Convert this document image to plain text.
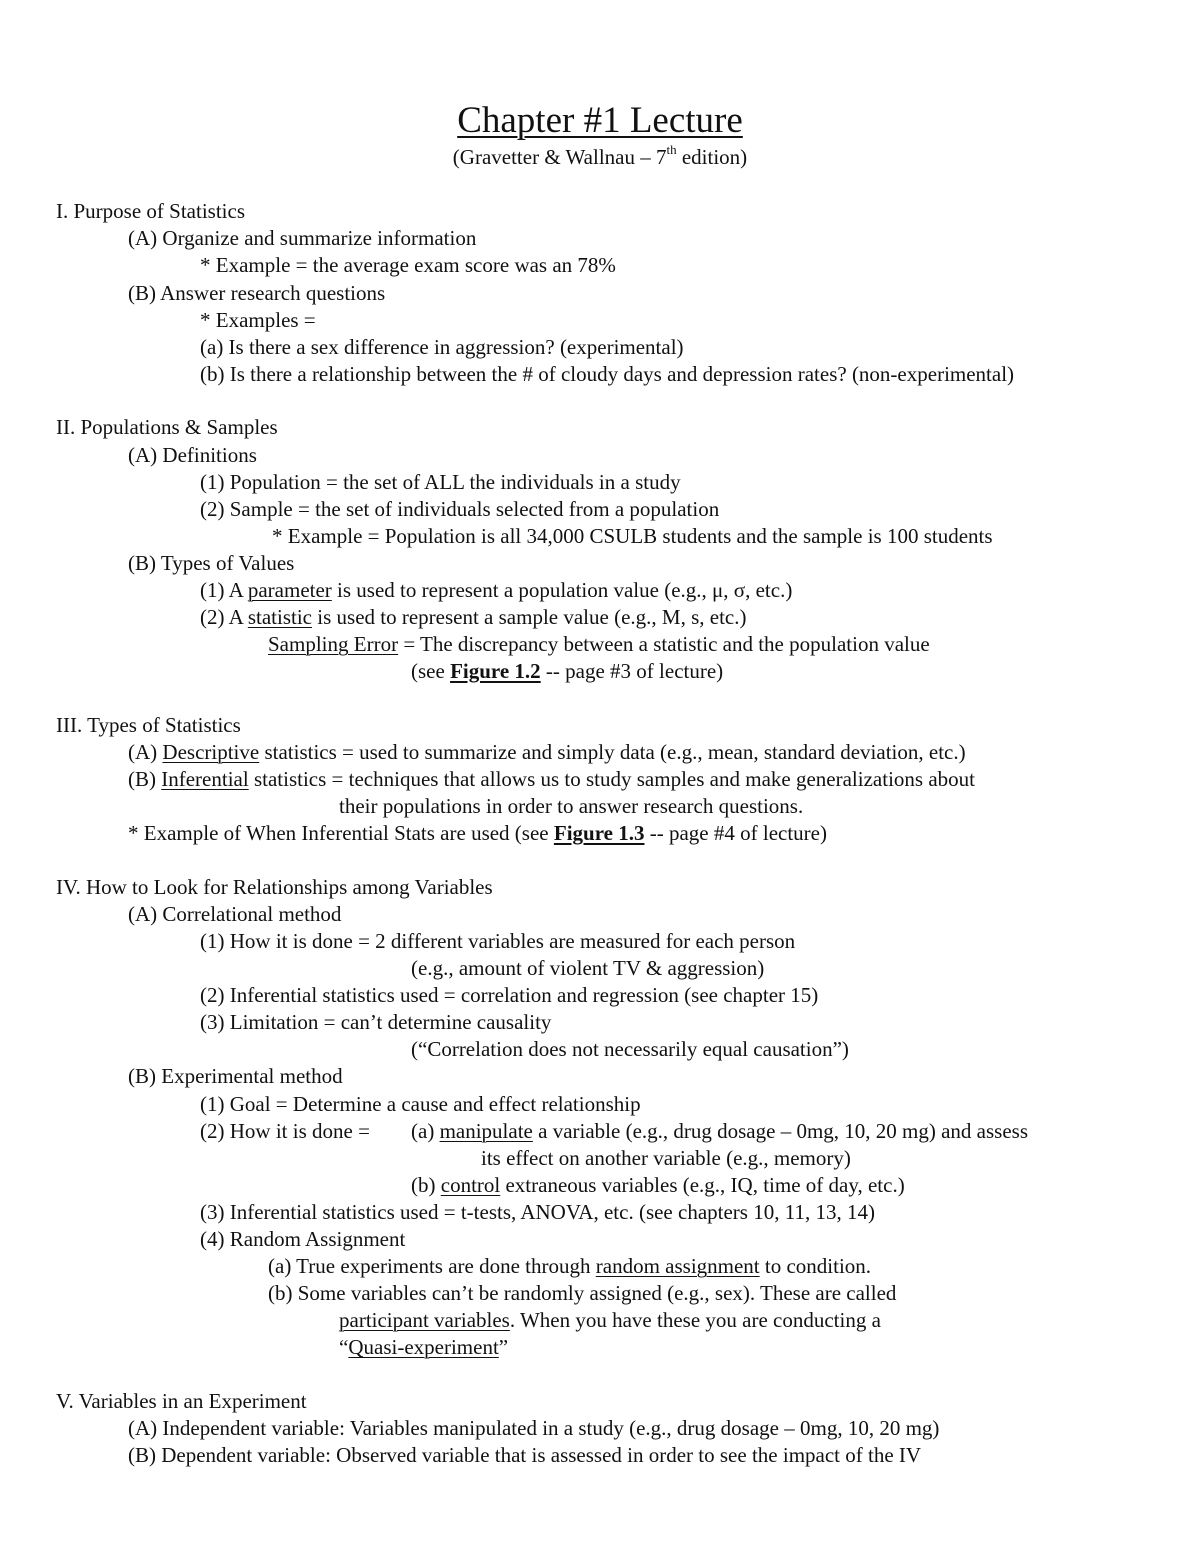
Chapter #1 Lecture
(Gravetter & Wallnau – 7th edition)
I. Purpose of Statistics
(A) Organize and summarize information
* Example = the average exam score was an 78%
(B) Answer research questions
* Examples =
(a) Is there a sex difference in aggression? (experimental)
(b) Is there a relationship between the # of cloudy days and depression rates? (non-experimental)
II. Populations & Samples
(A) Definitions
(1) Population = the set of ALL the individuals in a study
(2) Sample = the set of individuals selected from a population
* Example = Population is all 34,000 CSULB students and the sample is 100 students
(B) Types of Values
(1) A parameter is used to represent a population value (e.g., μ, σ, etc.)
(2) A statistic is used to represent a sample value (e.g., M, s, etc.)
Sampling Error = The discrepancy between a statistic and the population value
(see Figure 1.2 -- page #3 of lecture)
III. Types of Statistics
(A) Descriptive statistics = used to summarize and simply data (e.g., mean, standard deviation, etc.)
(B) Inferential statistics = techniques that allows us to study samples and make generalizations about
their populations in order to answer research questions.
* Example of When Inferential Stats are used (see Figure 1.3 -- page #4 of lecture)
IV. How to Look for Relationships among Variables
(A) Correlational method
(1) How it is done = 2 different variables are measured for each person
(e.g., amount of violent TV & aggression)
(2) Inferential statistics used = correlation and regression (see chapter 15)
(3) Limitation = can’t determine causality
(“Correlation does not necessarily equal causation”)
(B) Experimental method
(1) Goal = Determine a cause and effect relationship
(2) How it is done = (a) manipulate a variable (e.g., drug dosage – 0mg, 10, 20 mg) and assess
its effect on another variable (e.g., memory)
(b) control extraneous variables (e.g., IQ, time of day, etc.)
(3) Inferential statistics used = t-tests, ANOVA, etc. (see chapters 10, 11, 13, 14)
(4) Random Assignment
(a) True experiments are done through random assignment to condition.
(b) Some variables can’t be randomly assigned (e.g., sex). These are called
participant variables. When you have these you are conducting a
“Quasi-experiment”
V. Variables in an Experiment
(A) Independent variable: Variables manipulated in a study (e.g., drug dosage – 0mg, 10, 20 mg)
(B) Dependent variable: Observed variable that is assessed in order to see the impact of the IV
